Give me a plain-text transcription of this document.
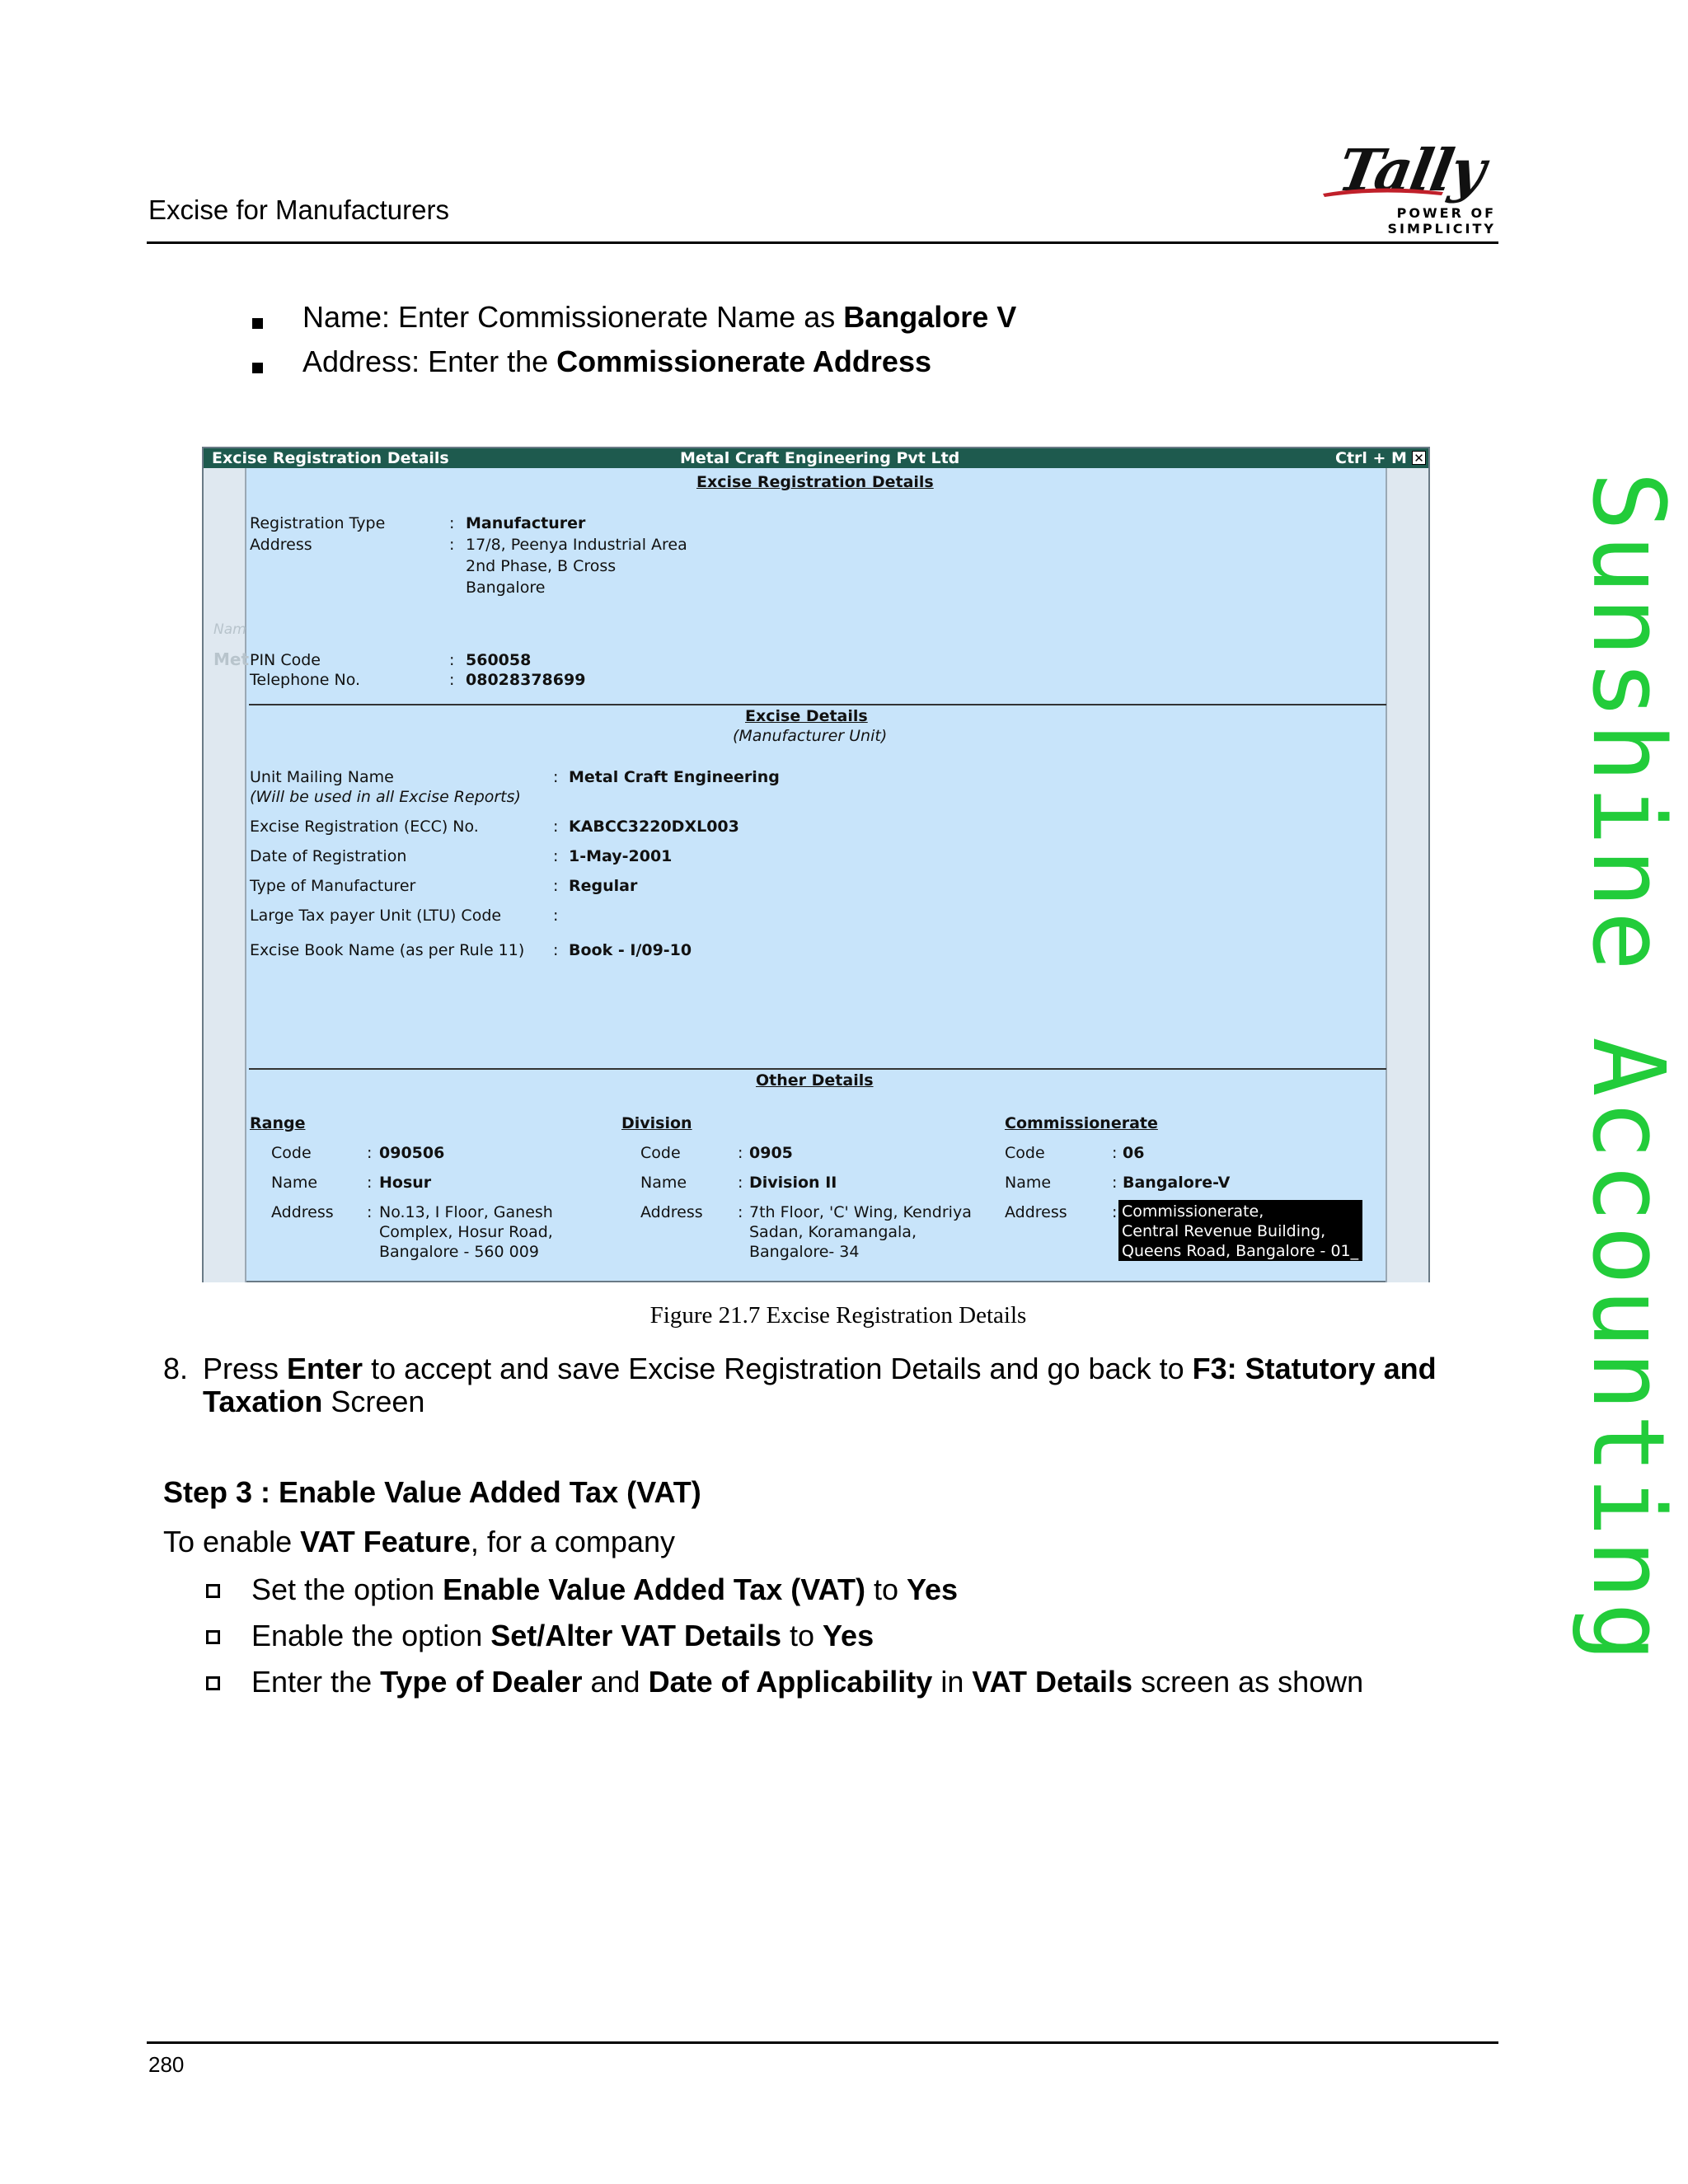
Excise for Manufacturers
Tally
POWER OF SIMPLICITY
Sunshine Accounting
Name: Enter Commissionerate Name as Bangalore V
Address: Enter the Commissionerate Address
Excise Registration Details	Metal Craft Engineering Pvt Ltd	Ctrl + M ✕
Nam
Met
Excise Registration Details
Registration Type	: Manufacturer
Address	: 17/8, Peenya Industrial Area
2nd Phase, B Cross
Bangalore
PIN Code	: 560058
Telephone No.	: 08028378699
Excise Details
(Manufacturer Unit)
Unit Mailing Name	: Metal Craft Engineering
(Will be used in all Excise Reports)
Excise Registration (ECC) No.	: KABCC3220DXL003
Date of Registration	: 1-May-2001
Type of Manufacturer	: Regular
Large Tax payer Unit (LTU) Code	:
Excise Book Name (as per Rule 11) : Book - I/09-10
Other Details
Range
Code	: 090506
Name	: Hosur
Address : No.13, I Floor, Ganesh
Complex, Hosur Road,
Bangalore - 560 009
Division
Code	: 0905
Name	: Division II
Address : 7th Floor, 'C' Wing, Kendriya
Sadan, Koramangala,
Bangalore- 34
Commissionerate
Code	: 06
Name	: Bangalore-V
Address	: Commissionerate,
Central Revenue Building,
Queens Road, Bangalore - 01_
Figure 21.7 Excise Registration Details
8. Press Enter to accept and save Excise Registration Details and go back to F3: Statutory and
Taxation Screen
Step 3 : Enable Value Added Tax (VAT)
To enable VAT Feature, for a company
Set the option Enable Value Added Tax (VAT) to Yes
Enable the option Set/Alter VAT Details to Yes
Enter the Type of Dealer and Date of Applicability in VAT Details screen as shown
280
